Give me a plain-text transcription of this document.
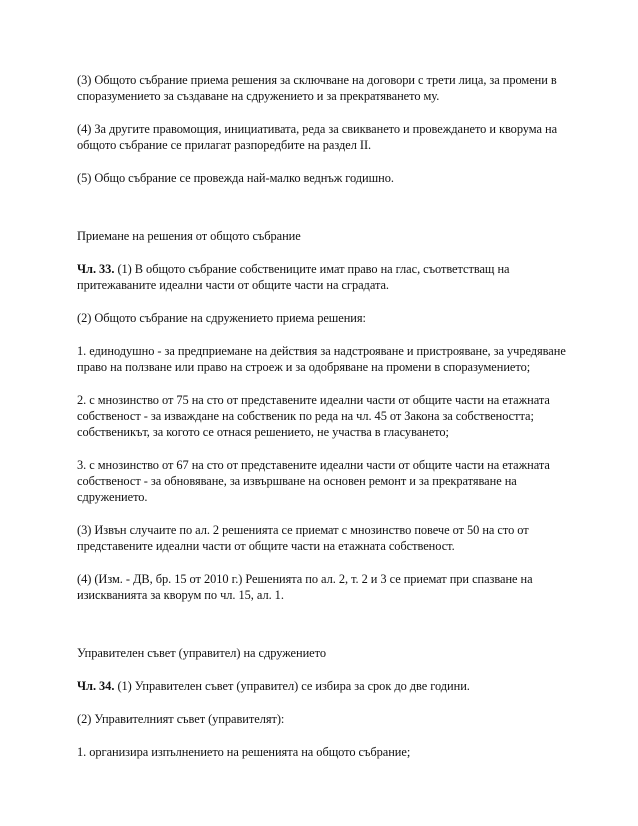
(3) Общото събрание приема решения за сключване на договори с трети лица, за промени в споразумението за създаване на сдружението и за прекратяването му.

(4) За другите правомощия, инициативата, реда за свикването и провеждането и кворума на общото събрание се прилагат разпоредбите на раздел II.

(5) Общо събрание се провежда най-малко веднъж годишно.

Приемане на решения от общото събрание

Чл. 33. (1) В общото събрание собствениците имат право на глас, съответстващ на притежаваните идеални части от общите части на сградата.

(2) Общото събрание на сдружението приема решения:

1. единодушно - за предприемане на действия за надстрояване и пристрояване, за учредяване право на ползване или право на строеж и за одобряване на промени в споразумението;

2. с мнозинство от 75 на сто от представените идеални части от общите части на етажната собственост - за изваждане на собственик по реда на чл. 45 от Закона за собствеността; собственикът, за когото се отнася решението, не участва в гласуването;

3. с мнозинство от 67 на сто от представените идеални части от общите части на етажната собственост - за обновяване, за извършване на основен ремонт и за прекратяване на сдружението.

(3) Извън случаите по ал. 2 решенията се приемат с мнозинство повече от 50 на сто от представените идеални части от общите части на етажната собственост.

(4) (Изм. - ДВ, бр. 15 от 2010 г.) Решенията по ал. 2, т. 2 и 3 се приемат при спазване на изискванията за кворум по чл. 15, ал. 1.

Управителен съвет (управител) на сдружението

Чл. 34. (1) Управителен съвет (управител) се избира за срок до две години.

(2) Управителният съвет (управителят):

1. организира изпълнението на решенията на общото събрание;
